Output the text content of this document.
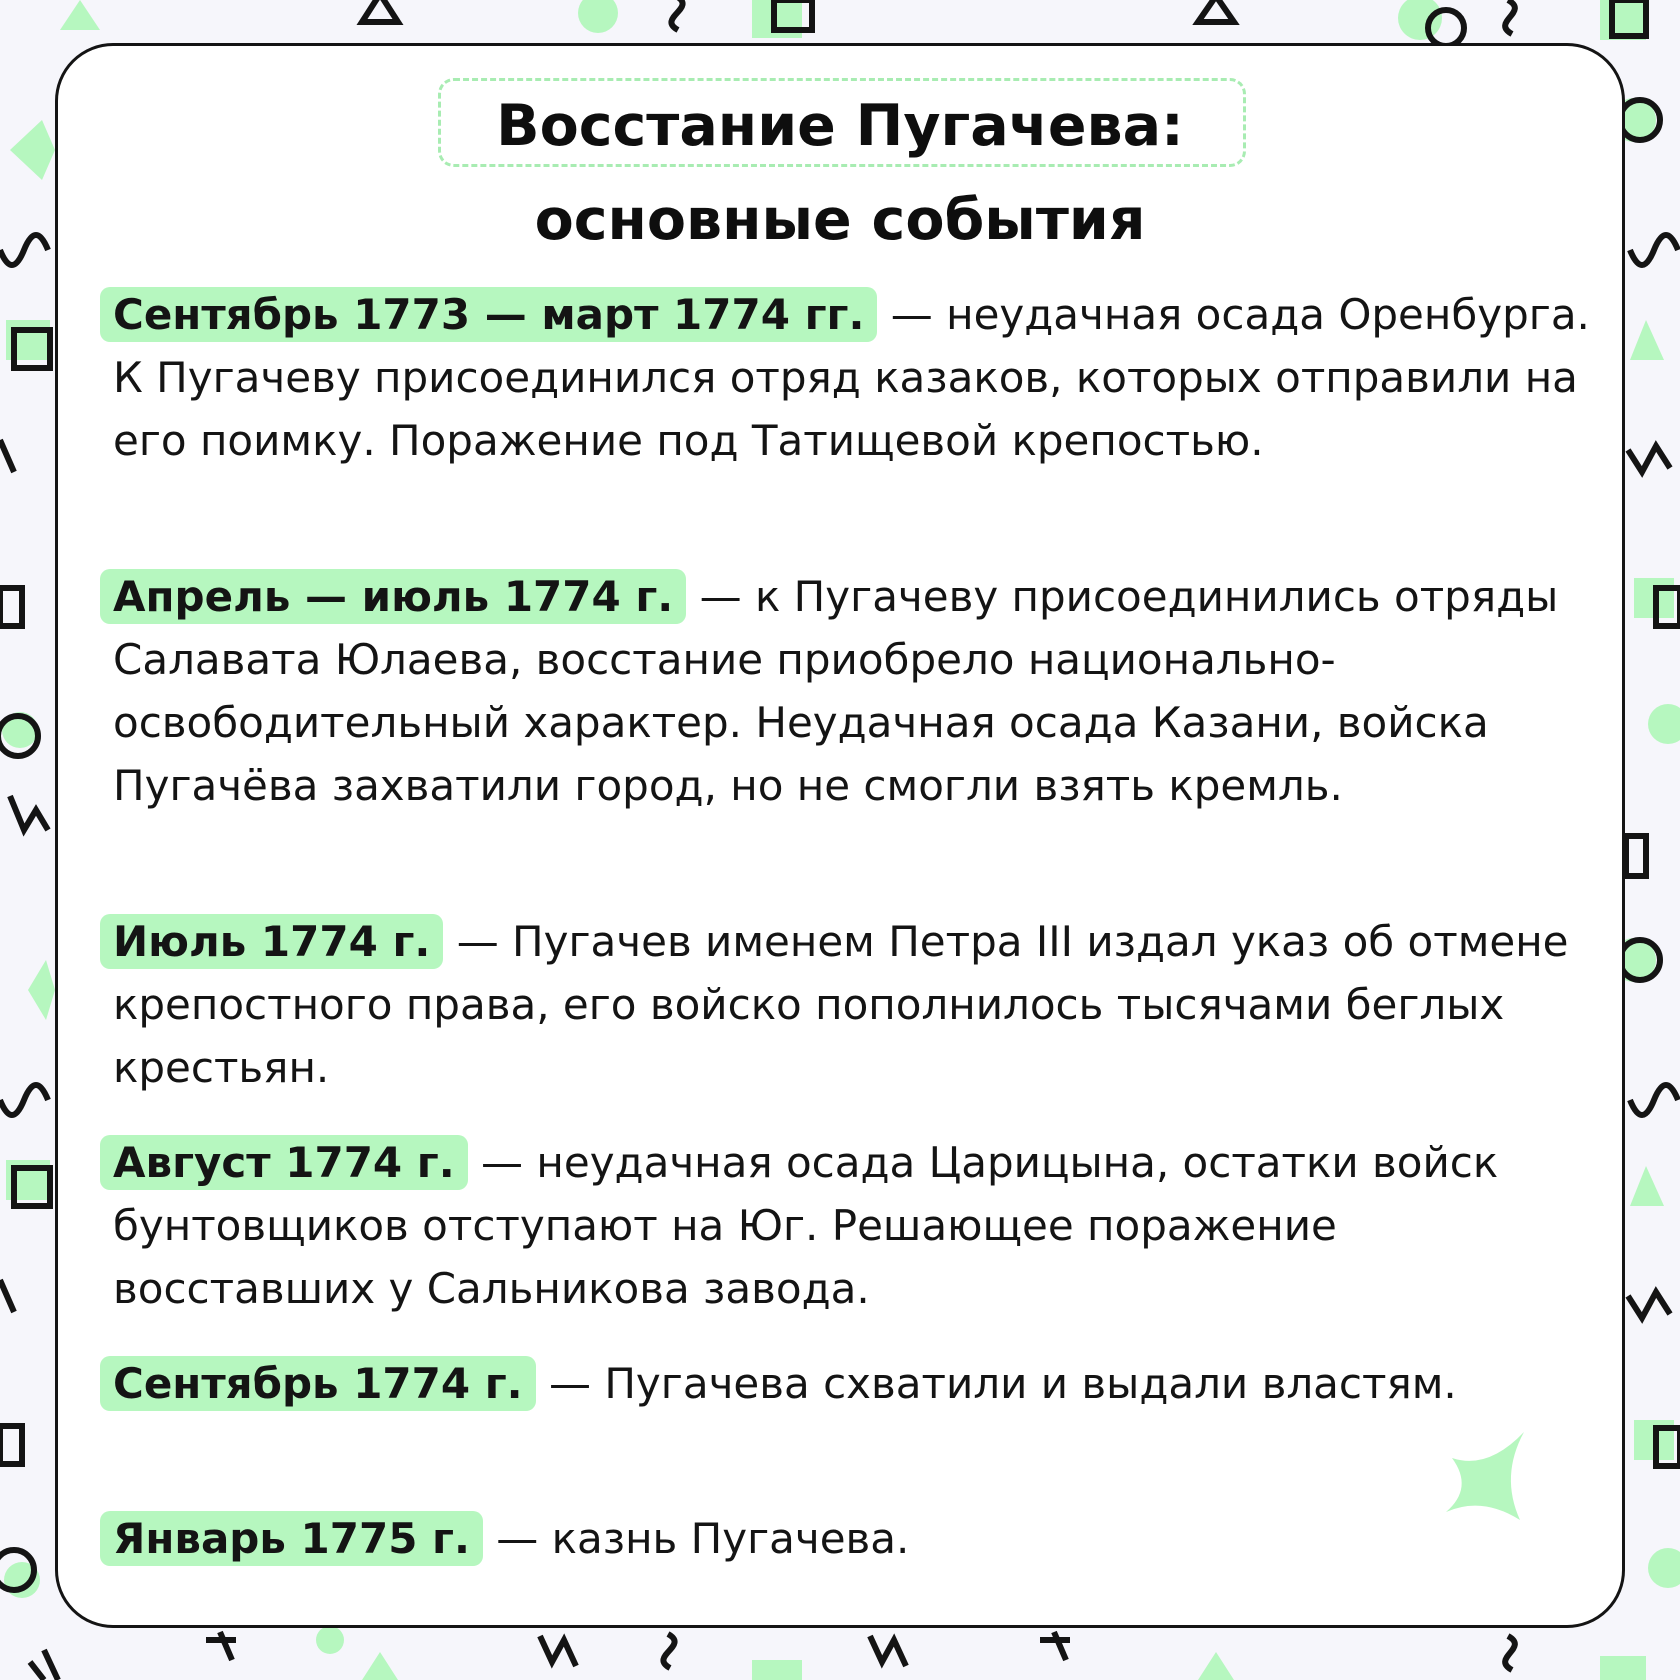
Восстание Пугачева:
основные события

Сентябрь 1773 — март 1774 гг. — неудачная осада Оренбурга. К Пугачеву присоединился отряд казаков, которых отправили на его поимку. Поражение под Татищевой крепостью.

Апрель — июль 1774 г. — к Пугачеву присоединились отряды Салавата Юлаева, восстание приобрело национально-освободительный характер. Неудачная осада Казани, войска Пугачёва захватили город, но не смогли взять кремль.

Июль 1774 г. — Пугачев именем Петра III издал указ об отмене крепостного права, его войско пополнилось тысячами беглых крестьян.

Август 1774 г. — неудачная осада Царицына, остатки войск бунтовщиков отступают на Юг. Решающее поражение восставших у Сальникова завода.

Сентябрь 1774 г. — Пугачева схватили и выдали властям.

Январь 1775 г. — казнь Пугачева.
